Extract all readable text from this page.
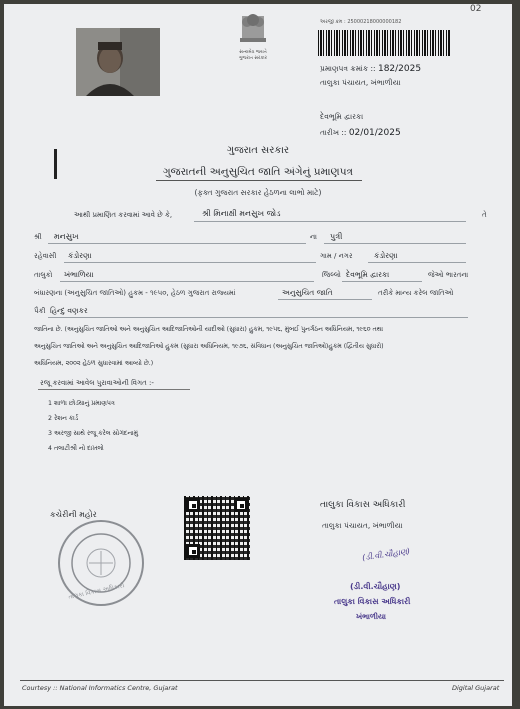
02
સત્યમેવ જયતે
ગુજરાત સરકાર
અરજી ક્રમ : 25000218000000182
પ્રમાણપત્ર ક્રમાંક :: 182/2025
તાલુકા પંચાયત, ખંભાળીયા
દેવભૂમિ દ્વારકા
તારીખ :: 02/01/2025
ગુજરાત સરકાર
ગુજરાતની અનુસુચિત જાતિ અંગેનું પ્રમાણપત્ર
(ફક્ત ગુજરાત સરકાર હેઠળના લાભો માટે)
આથી પ્રમાણિત કરવામાં આવે છે કે,	શ્રી મિનાક્ષી મનસુખ જોડ	તે
શ્રી મનસુખ	ના પુત્રી
રહેવાસી કંડોરણા	ગામ / નગર	કંડોરણા
તાલુકો ખંભાળિયા	જિલ્લો દેવભૂમિ દ્વારકા	જેઓ ભારતના
બંધારણના (અનુસુચિત જાતિઓ) હુકમ - ૧૯૫૦, હેઠળ ગુજરાત રાજ્યમાં	અનુસુચિત જાતિ	તરીકે માન્ય કરેલ જાતિઓ
પૈકી હિન્દુ વણકર
જાતિના છે. (અનુસુચિત જાતિઓ અને અનુસુચિત આદિજાતિઓની યાદીઓ (સુધારા) હુકમ, ૧૯૫૬, મુંબઈ પુનર્ગઠન અધિનિયમ, ૧૯૬૦ તથા
અનુસુચિત જાતિઓ અને અનુસુચિત આદિજાતિઓ હુકમ (સુધારા અધિનિયમ, ૧૯૭૬, સંવિધાન (અનુસુચિત જાતિઓ)હુકમ (દ્વિતીય સુધારો)
અધિનિયમ, ૨૦૦૨ હેઠળ સુધારવામાં આવ્યો છે.)
રજૂ કરવામાં આવેલ પુરાવાઓની વિગત :-
1 શાળા છોડ્યાનું પ્રમાણપત્ર
2 રેશન કાર્ડ
3 અરજી સાથે રજૂ કરેલ સોગંદનામું
4 તલાટીશ્રી નો દાખલો
કચેરીની મહોર
તાલુકા વિકાસ અધિકારી
તાલુકા વિકાસ અધિકારી
તાલુકા પંચાયત, ખંભાળીયા
(ડી.વી.ચૌહાણ)
(ડી.વી.ચૌહાણ)
તાલુકા વિકાસ અધિકારી
ખંભાળીયા
Courtesy :: National Informatics Centre, Gujarat	Digital Gujarat
